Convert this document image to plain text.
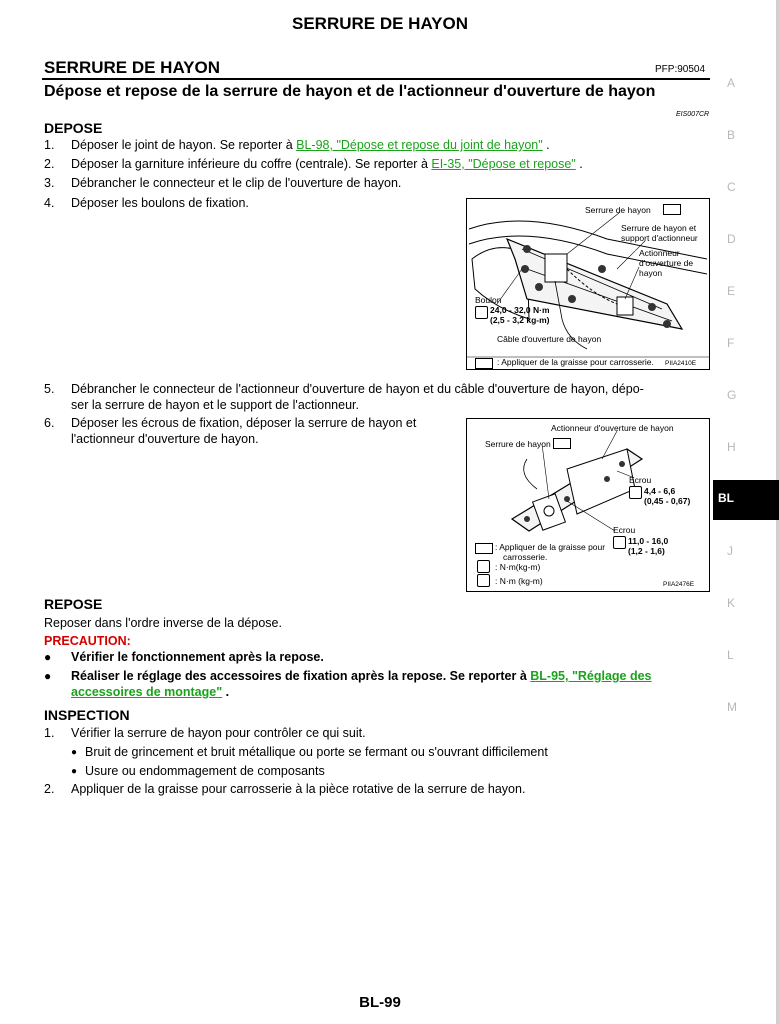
SERRURE DE HAYON
SERRURE DE HAYON	PFP:90504
Dépose et repose de la serrure de hayon et de l'actionneur d'ouverture de hayon
EIS007CR
DEPOSE
1. Déposer le joint de hayon. Se reporter à BL-98, "Dépose et repose du joint de hayon" .
2. Déposer la garniture inférieure du coffre (centrale). Se reporter à EI-35, "Dépose et repose" .
3. Débrancher le connecteur et le clip de l'ouverture de hayon.
4. Déposer les boulons de fixation.	Serrure de hayon
Serrure de hayon et
support d'actionneur
Actionneur
d'ouverture de
hayon
Boulon
24,0 - 32,0 N·m
(2,5 - 3,2 kg-m)
Câble d'ouverture de hayon
: Appliquer de la graisse pour carrosserie. PIIA2410E
5. Débrancher le connecteur de l'actionneur d'ouverture de hayon et du câble d'ouverture de hayon, dépo-
ser la serrure de hayon et le support de l'actionneur.
6. Déposer les écrous de fixation, déposer la serrure de hayon et
l'actionneur d'ouverture de hayon.
Actionneur d'ouverture de hayon
Serrure de hayon
Ecrou
4,4 - 6,6
(0,45 - 0,67)
Ecrou
11,0 - 16,0
(1,2 - 1,6)
: Appliquer de la graisse pour
carrosserie.
: N·m(kg-m)
: N·m (kg-m)	PIIA2476E
REPOSE
Reposer dans l'ordre inverse de la dépose.
PRECAUTION:
● Vérifier le fonctionnement après la repose.
● Réaliser le réglage des accessoires de fixation après la repose. Se reporter à BL-95, "Réglage des
accessoires de montage" .
INSPECTION
1. Vérifier la serrure de hayon pour contrôler ce qui suit.
● Bruit de grincement et bruit métallique ou porte se fermant ou s'ouvrant difficilement
● Usure ou endommagement de composants
2. Appliquer de la graisse pour carrosserie à la pièce rotative de la serrure de hayon.
A
B
C
D
E
F
G
H
BL
J
K
L
M
BL-99
